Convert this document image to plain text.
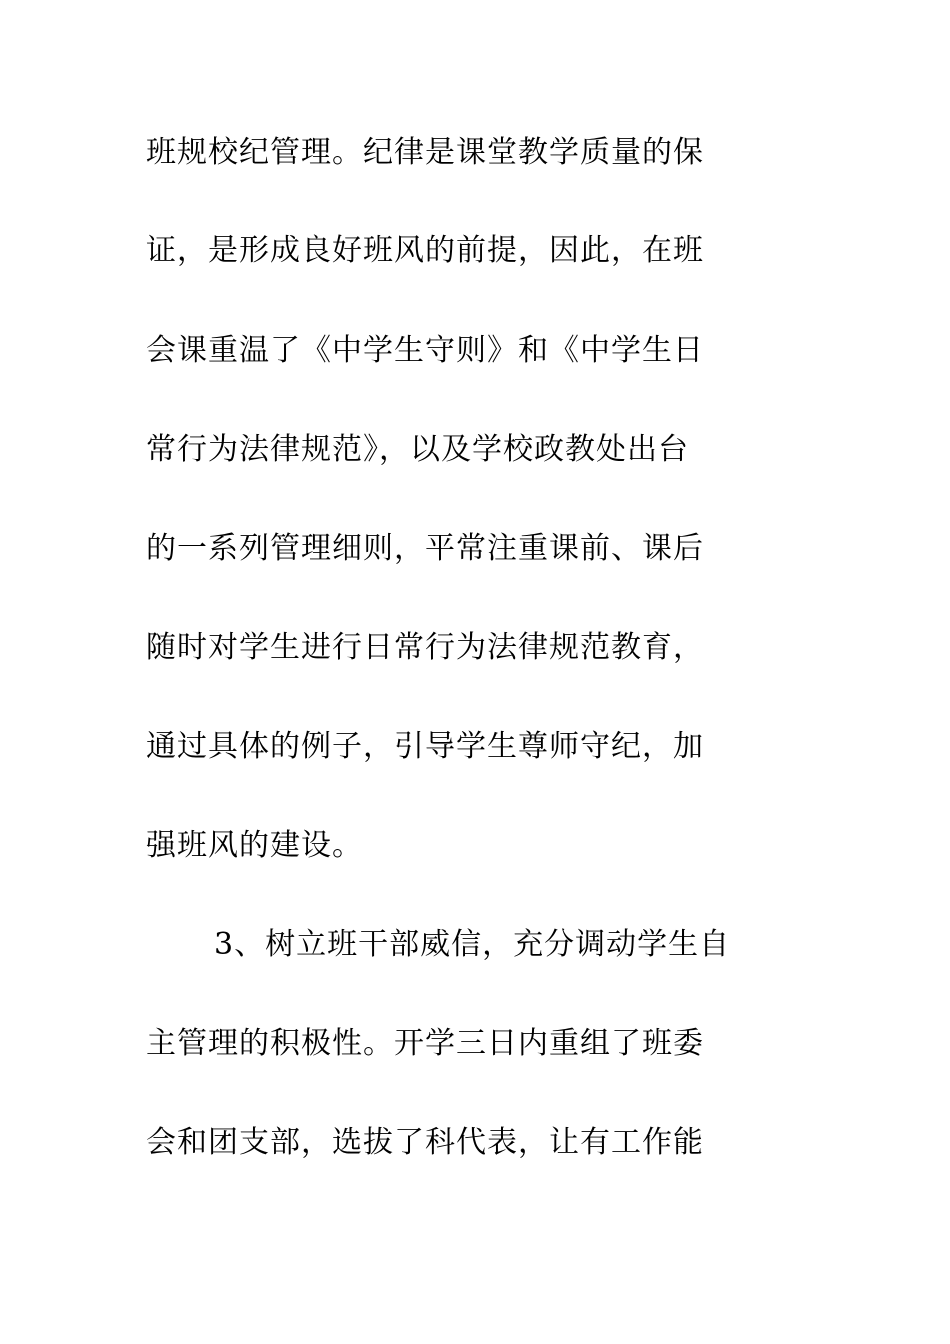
班规校纪管理。纪律是课堂教学质量的保
证，是形成良好班风的前提，因此，在班
会课重温了《中学生守则》和《中学生日
常行为法律规范》，以及学校政教处出台
的一系列管理细则，平常注重课前、课后
随时对学生进行日常行为法律规范教育，
通过具体的例子，引导学生尊师守纪，加
强班风的建设。
3、树立班干部威信，充分调动学生自
主管理的积极性。开学三日内重组了班委
会和团支部，选拔了科代表，让有工作能
